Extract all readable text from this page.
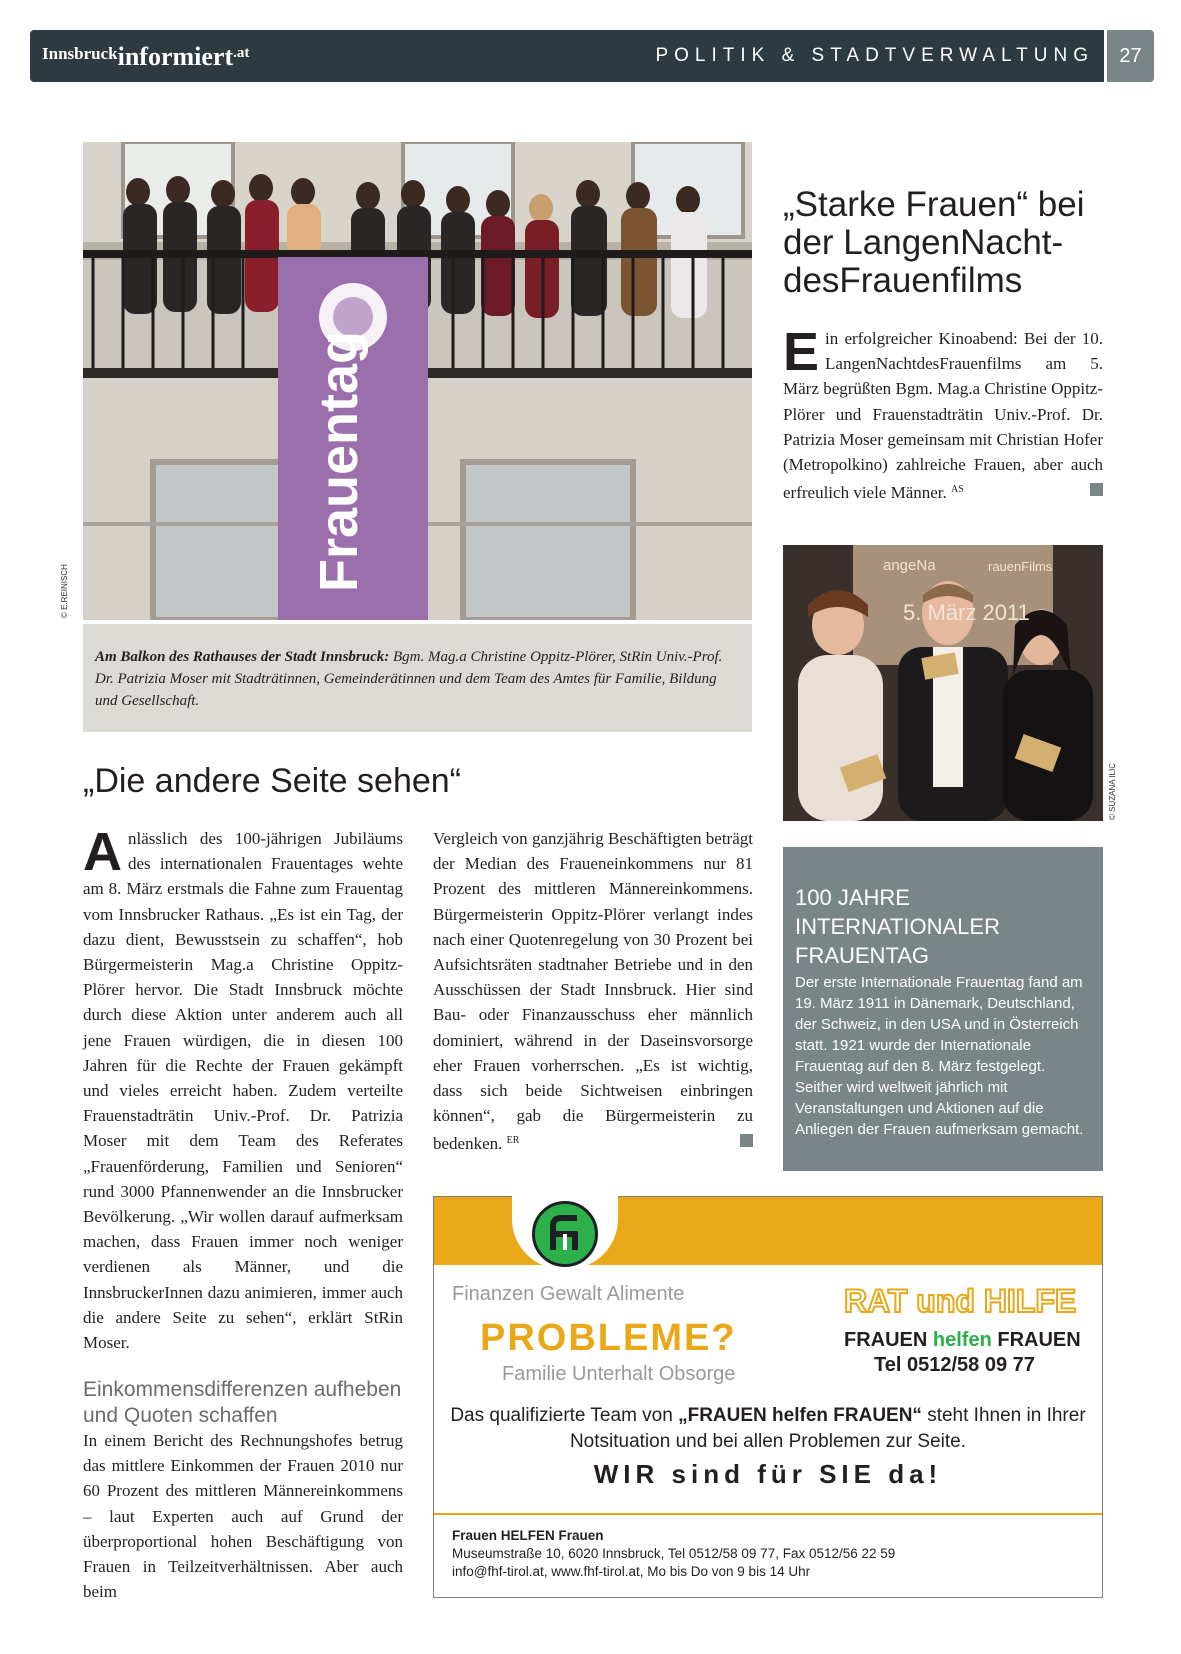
Innsbruckinformiert.at	POLITIK & STADTVERWALTUNG	27
Frauentag
© E.REINISCH
Am Balkon des Rathauses der Stadt Innsbruck: Bgm. Mag.a Christine Oppitz-Plörer, StRin Univ.-Prof. Dr. Patrizia Moser mit Stadträtinnen, Gemeinderätinnen und dem Team des Amtes für Familie, Bildung und Gesellschaft.
„Starke Frauen“ bei der LangenNacht-desFrauenfilms
Ein erfolgreicher Kinoabend: Bei der 10. LangenNachtdesFrauenfilms am 5. März begrüßten Bgm. Mag.a Christine Oppitz-Plörer und Frauenstadträtin Univ.-Prof. Dr. Patrizia Moser gemeinsam mit Christian Hofer (Metropolkino) zahlreiche Frauen, aber auch erfreulich viele Männer. $^{AS}$
angeNa	rauenFilms
5. März 2011
© SUZANA ILIC
100 JAHRE INTERNATIONALER FRAUENTAG

Der erste Internationale Frauentag fand am 19. März 1911 in Dänemark, Deutschland, der Schweiz, in den USA und in Österreich statt. 1921 wurde der Internationale Frauentag auf den 8. März festgelegt. Seither wird weltweit jährlich mit Veranstaltungen und Aktionen auf die Anliegen der Frauen aufmerksam gemacht.

„Die andere Seite sehen“
Anlässlich des 100-jährigen Jubiläums des internationalen Frauentages wehte am 8. März erstmals die Fahne zum Frauentag vom Innsbrucker Rathaus. „Es ist ein Tag, der dazu dient, Bewusstsein zu schaffen“, hob Bürgermeisterin Mag.a Christine Oppitz-Plörer hervor. Die Stadt Innsbruck möchte durch diese Aktion unter anderem auch all jene Frauen würdigen, die in diesen 100 Jahren für die Rechte der Frauen gekämpft und vieles erreicht haben. Zudem verteilte Frauenstadträtin Univ.-Prof. Dr. Patrizia Moser mit dem Team des Referates „Frauenförderung, Familien und Senioren“ rund 3000 Pfannenwender an die Innsbrucker Bevölkerung. „Wir wollen darauf aufmerksam machen, dass Frauen immer noch weniger verdienen als Männer, und die InnsbruckerInnen dazu animieren, immer auch die andere Seite zu sehen“, erklärt StRin Moser.
Einkommensdifferenzen aufheben und Quoten schaffen
In einem Bericht des Rechnungshofes betrug das mittlere Einkommen der Frauen 2010 nur 60 Prozent des mittleren Männereinkommens – laut Experten auch auf Grund der überproportional hohen Beschäftigung von Frauen in Teilzeitverhältnissen. Aber auch beim
Vergleich von ganzjährig Beschäftigten beträgt der Median des Fraueneinkommens nur 81 Prozent des mittleren Männereinkommens. Bürgermeisterin Oppitz-Plörer verlangt indes nach einer Quotenregelung von 30 Prozent bei Aufsichtsräten stadtnaher Betriebe und in den Ausschüssen der Stadt Innsbruck. Hier sind Bau- oder Finanzausschuss eher männlich dominiert, während in der Daseinsvorsorge eher Frauen vorherrschen. „Es ist wichtig, dass sich beide Sichtweisen einbringen können“, gab die Bürgermeisterin zu bedenken. $^{ER}$
Finanzen Gewalt Alimente
PROBLEME?
Familie Unterhalt Obsorge
RAT und HILFE
FRAUEN helfen FRAUEN
Tel 0512/58 09 77
Das qualifizierte Team von „FRAUEN helfen FRAUEN“ steht Ihnen in Ihrer Notsituation und bei allen Problemen zur Seite.
WIR sind für SIE da!
Frauen HELFEN Frauen
Museumstraße 10, 6020 Innsbruck, Tel 0512/58 09 77, Fax 0512/56 22 59
info@fhf-tirol.at, www.fhf-tirol.at, Mo bis Do von 9 bis 14 Uhr
